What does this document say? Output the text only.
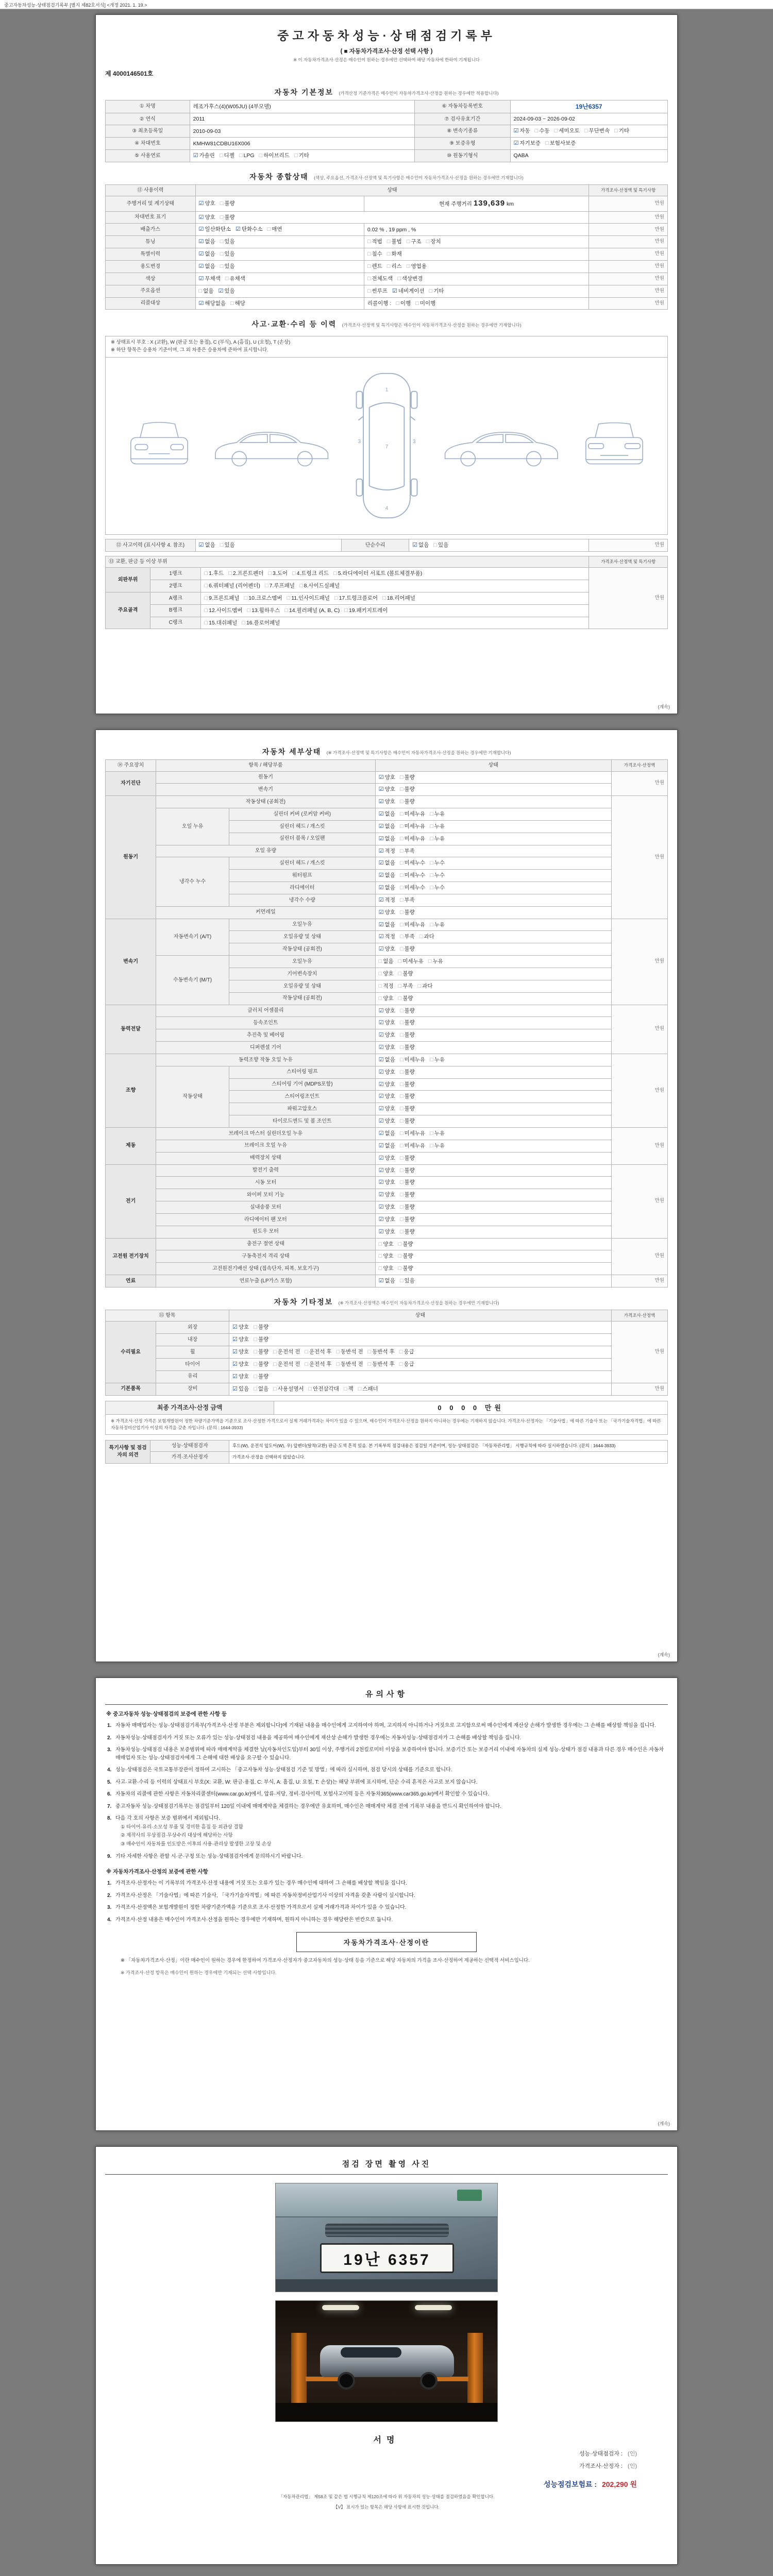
중고자동차성능·상태점검기록부 [별지 제82호서식] <개정 2021. 1. 19.>
중고자동차성능·상태점검기록부
( ■ 자동차가격조사·산정 선택 사항 )
※ 이 자동차가격조사·산정은 매수인이 원하는 경우에만 선택하여 해당 자동차에 한하여 기재됩니다
제 4000146501호
자동차 기본정보 (가격산정 기준가격은 매수인이 자동차가격조사·산정을 원하는 경우에만 적용합니다)
① 차명	레조가후스(4)(W05JU) (4부모델)	⑥ 자동차등록번호	19난6357
② 연식	2011	⑦ 검사유효기간	2024-09-03 ~ 2026-09-02
③ 최초등록일	2010-09-03	⑧ 변속기종류	☑ 자동 □ 수동 □ 세미오토 □ 무단변속 □ 기타
④ 차대번호	KMHW81CDBU16X006	⑨ 보증유형	☑ 자기보증 □ 보험사보증
⑤ 사용연료	☑ 가솔린 □ 디젤 □ LPG □ 하이브리드 □ 기타	⑩ 원동기형식	QABA
자동차 종합상태 (색상, 주요옵션, 가격조사·산정액 및 특기사항은 매수인이 자동차가격조사·산정을 원하는 경우에만 기재합니다)
⑪ 사용이력	상태		가격조사·산정액 및 특기사항
주행거리 및 계기상태	☑ 양호 □ 불량	현재 주행거리 139,639 km	만원
차대번호 표기	☑ 양호 □ 불량		만원
배출가스	☑ 일산화탄소 ☑ 탄화수소 □ 매연	0.02 % , 19 ppm , %	만원
튜닝	☑ 없음 □ 있음	□ 적법 □ 불법 □ 구조 □ 장치	만원
특별이력	☑ 없음 □ 있음	□ 침수 □ 화재	만원
용도변경	☑ 없음 □ 있음	□ 렌트 □ 리스 □ 영업용	만원
색상	☑ 무채색 □ 유채색	□ 전체도색 □ 색상변경	만원
주요옵션	□ 없음 ☑ 있음	□ 썬루프 ☑ 네비게이션 □ 기타	만원
리콜대상	☑ 해당없음 □ 해당	리콜이행 : □ 이행 □ 미이행	만원
사고·교환·수리 등 이력 (가격조사·산정액 및 특기사항은 매수인이 자동차가격조사·산정을 원하는 경우에만 기재합니다)
※ 상태표시 부호 : X (교환), W (판금 또는 용접), C (부식), A (흠집), U (요철), T (손상)
※ 하단 항목은 승용차 기준이며, 그 외 차종은 승용차에 준하여 표시합니다.
1
7
4
3	3
⑫ 사고이력 (표시사항 4. 참조)	☑ 없음 □ 있음	단순수리	☑ 없음 □ 있음	만원
⑬ 교환, 판금 등 이상 부위			가격조사·산정액 및 특기사항
외판부위	1랭크	□ 1.후드 □ 2.프론트펜더 □ 3.도어 □ 4.트렁크 리드 □ 5.라디에이터 서포트 (볼트체결부품)	만원
	2랭크	□ 6.쿼터패널 (리어펜더) □ 7.루프패널 □ 8.사이드실패널	
주요골격	A랭크	□ 9.프론트패널 □ 10.크로스멤버 □ 11.인사이드패널 □ 17.트렁크플로어 □ 18.리어패널	
	B랭크	□ 12.사이드멤버 □ 13.휠하우스 □ 14.필러패널 (A, B, C) □ 19.패키지트레이	
	C랭크	□ 15.대쉬패널 □ 16.플로어패널	
(계속)
자동차 세부상태 (※ 가격조사·산정액 및 특기사항은 매수인이 자동차가격조사·산정을 원하는 경우에만 기재합니다)
⑭ 주요장치	항목 / 해당부품		상태	가격조사·산정액
자기진단	원동기		☑ 양호 □ 불량	만원
	변속기		☑ 양호 □ 불량	
원동기	작동상태 (공회전)		☑ 양호 □ 불량	만원
	오일 누유	실린더 커버 (로커암 커버)	☑ 없음 □ 미세누유 □ 누유	
		실린더 헤드 / 개스킷	☑ 없음 □ 미세누유 □ 누유	
		실린더 블록 / 오일팬	☑ 없음 □ 미세누유 □ 누유	
	오일 유량		☑ 적정 □ 부족	
	냉각수 누수	실린더 헤드 / 개스킷	☑ 없음 □ 미세누수 □ 누수	
		워터펌프	☑ 없음 □ 미세누수 □ 누수	
		라디에이터	☑ 없음 □ 미세누수 □ 누수	
		냉각수 수량	☑ 적정 □ 부족	
	커먼레일		☑ 양호 □ 불량	
변속기	자동변속기 (A/T)	오일누유	☑ 없음 □ 미세누유 □ 누유	만원
		오일유량 및 상태	☑ 적정 □ 부족 □ 과다	
		작동상태 (공회전)	☑ 양호 □ 불량	
	수동변속기 (M/T)	오일누유	□ 없음 □ 미세누유 □ 누유	
		기어변속장치	□ 양호 □ 불량	
		오일유량 및 상태	□ 적정 □ 부족 □ 과다	
		작동상태 (공회전)	□ 양호 □ 불량	
동력전달	클러치 어셈블리		☑ 양호 □ 불량	만원
	등속조인트		☑ 양호 □ 불량	
	추진축 및 베어링		☑ 양호 □ 불량	
	디퍼렌셜 기어		☑ 양호 □ 불량	
조향	동력조향 작동 오일 누유		☑ 없음 □ 미세누유 □ 누유	만원
	작동상태	스티어링 펌프	☑ 양호 □ 불량	
		스티어링 기어 (MDPS포함)	☑ 양호 □ 불량	
		스티어링조인트	☑ 양호 □ 불량	
		파워고압호스	☑ 양호 □ 불량	
		타이로드엔드 및 볼 조인트	☑ 양호 □ 불량	
제동	브레이크 마스터 실린더오일 누유		☑ 없음 □ 미세누유 □ 누유	만원
	브레이크 오일 누유		☑ 없음 □ 미세누유 □ 누유	
	배력장치 상태		☑ 양호 □ 불량	
전기	발전기 출력		☑ 양호 □ 불량	만원
	시동 모터		☑ 양호 □ 불량	
	와이퍼 모터 기능		☑ 양호 □ 불량	
	실내송풍 모터		☑ 양호 □ 불량	
	라디에이터 팬 모터		☑ 양호 □ 불량	
	윈도우 모터		☑ 양호 □ 불량	
고전원 전기장치	충전구 절연 상태		□ 양호 □ 불량	만원
	구동축전지 격리 상태		□ 양호 □ 불량	
	고전원전기배선 상태 (접속단자, 피복, 보호기구)		□ 양호 □ 불량	
연료	연료누출 (LP가스 포함)		☑ 없음 □ 있음	만원
자동차 기타정보 (※ 가격조사·산정액은 매수인이 자동차가격조사·산정을 원하는 경우에만 기재합니다)
⑮ 항목		상태	가격조사·산정액
수리필요	외장	☑ 양호 □ 불량	만원
	내장	☑ 양호 □ 불량	
	휠	☑ 양호 □ 불량 □ 운전석 전 □ 운전석 후 □ 동반석 전 □ 동반석 후 □ 응급	
	타이어	☑ 양호 □ 불량 □ 운전석 전 □ 운전석 후 □ 동반석 전 □ 동반석 후 □ 응급	
	유리	☑ 양호 □ 불량	
기본품목	장비	☑ 있음 □ 없음 □ 사용설명서 □ 안전삼각대 □ 잭 □ 스패너	만원
최종 가격조사·산정 금액	0 0 0 0 만원
※ 가격조사·산정 가격은 보험개발원이 정한 차량기준가액을 기준으로 조사·산정한 가격으로서 실제 거래가격과는 차이가 있을 수 있으며, 매수인이 가격조사·산정을 원하지 아니하는 경우에는 기재하지 않습니다. 가격조사·산정자는 「기술사법」에 따른 기술사 또는 「국가기술자격법」에 따른 자동차정비산업기사 이상의 자격을 갖춘 자입니다. (문의 : 1644-3933)
특기사항 및 점검자의 의견	성능·상태점검자	후드(W), 운전석 앞도어(W), 우) 앞펜더(탈착/교환) 판금·도색 흔적 있음. 본 기록부의 점검내용은 점검일 기준이며, 성능·상태점검은 「자동차관리법」 시행규칙에 따라 실시하였습니다. (문의 : 1644-3933)
	가격·조사산정자	가격조사·산정을 선택하지 않았습니다.
(계속)
유의사항
※ 중고자동차 성능·상태점검의 보증에 관한 사항 등
1. 자동차 매매업자는 성능·상태점검기록부(가격조사·산정 부분은 제외합니다)에 기재된 내용을 매수인에게 고지하여야 하며, 고지하지 아니하거나 거짓으로 고지함으로써 매수인에게 재산상 손해가 발생한 경우에는 그 손해를 배상할 책임을 집니다.
2. 자동차성능·상태점검자가 거짓 또는 오류가 있는 성능·상태점검 내용을 제공하여 매수인에게 재산상 손해가 발생한 경우에는 자동차성능·상태점검자가 그 손해를 배상할 책임을 집니다.
3. 자동차성능·상태점검 내용은 보증범위에 따라 매매계약을 체결한 날(자동차인도일)부터 30일 이상, 주행거리 2천킬로미터 이상을 보증하여야 합니다. 보증기간 또는 보증거리 이내에 자동차의 실제 성능·상태가 점검 내용과 다른 경우 매수인은 자동차매매업자 또는 성능·상태점검자에게 그 손해에 대한 배상을 요구할 수 있습니다.
4. 성능·상태점검은 국토교통부장관이 정하여 고시하는 「중고자동차 성능·상태점검 기준 및 방법」에 따라 실시하며, 점검 당시의 상태를 기준으로 합니다.
5. 사고·교환·수리 등 이력의 상태표시 부호(X: 교환, W: 판금·용접, C: 부식, A: 흠집, U: 요철, T: 손상)는 해당 부위에 표시하며, 단순 수리 흔적은 사고로 보지 않습니다.
6. 자동차의 리콜에 관한 사항은 자동차리콜센터(www.car.go.kr)에서, 압류·저당, 정비·검사이력, 보험사고이력 등은 자동차365(www.car365.go.kr)에서 확인할 수 있습니다.
7. 중고자동차 성능·상태점검기록부는 점검일부터 120일 이내에 매매계약을 체결하는 경우에만 유효하며, 매수인은 매매계약 체결 전에 기록부 내용을 반드시 확인하여야 합니다.
8. 다음 각 호의 사항은 보증 범위에서 제외됩니다.
① 타이어·유리·소모성 부품 및 경미한 흠집 등 외관상 결함
② 제작사의 무상점검·무상수리 대상에 해당하는 사항
③ 매수인이 자동차를 인도받은 이후의 사용·관리상 발생한 고장 및 손상
9. 기타 자세한 사항은 관할 시·군·구청 또는 성능·상태점검자에게 문의하시기 바랍니다.
※ 자동차가격조사·산정의 보증에 관한 사항
1. 가격조사·산정자는 이 기록부의 가격조사·산정 내용에 거짓 또는 오류가 있는 경우 매수인에 대하여 그 손해를 배상할 책임을 집니다.
2. 가격조사·산정은 「기술사법」에 따른 기술사, 「국가기술자격법」에 따른 자동차정비산업기사 이상의 자격을 갖춘 사람이 실시합니다.
3. 가격조사·산정액은 보험개발원이 정한 차량기준가액을 기준으로 조사·산정한 가격으로서 실제 거래가격과 차이가 있을 수 있습니다.
4. 가격조사·산정 내용은 매수인이 가격조사·산정을 원하는 경우에만 기재하며, 원하지 아니하는 경우 해당란은 빈칸으로 둡니다.
자동차가격조사·산정이란
※ 「자동차가격조사·산정」이란 매수인이 원하는 경우에 한정하여 가격조사·산정자가 중고자동차의 성능·상태 등을 기준으로 해당 자동차의 가격을 조사·산정하여 제공하는 선택적 서비스입니다.
※ 가격조사·산정 항목은 매수인이 원하는 경우에만 기재되는 선택 사항입니다.
(계속)
점검 장면 촬영 사진
19난 6357
서명
성능·상태점검자 : (인)
가격조사·산정자 : (인)
성능점검보험료 : 202,290 원
「자동차관리법」 제58조 및 같은 법 시행규칙 제120조에 따라 위 자동차의 성능·상태를 점검하였음을 확인합니다.
【V】 표시가 있는 항목은 해당 사항에 표시한 것입니다.
